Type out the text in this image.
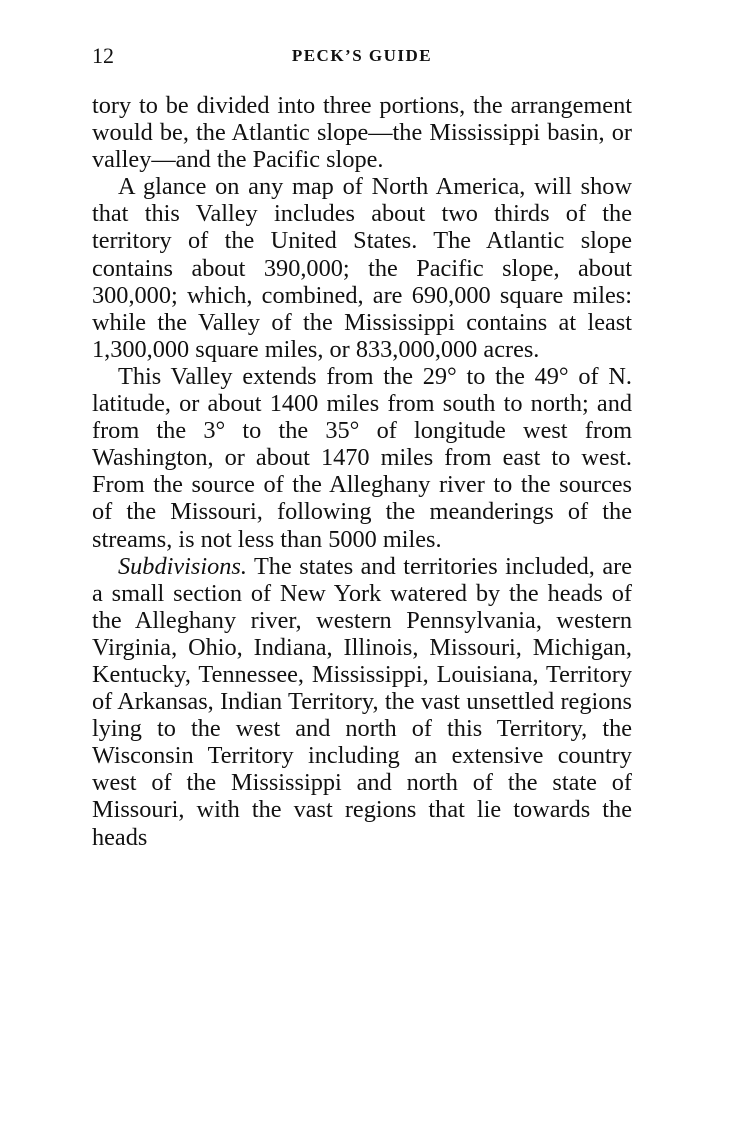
12	PECK’S GUIDE

tory to be divided into three portions, the arrangement would be, the Atlantic slope—the Mississippi basin, or valley—and the Pacific slope.

A glance on any map of North America, will show that this Valley includes about two thirds of the territory of the United States. The Atlantic slope contains about 390,000; the Pacific slope, about 300,000; which, combined, are 690,000 square miles: while the Valley of the Mississippi contains at least 1,300,000 square miles, or 833,000,000 acres.

This Valley extends from the 29° to the 49° of N. latitude, or about 1400 miles from south to north; and from the 3° to the 35° of longitude west from Washington, or about 1470 miles from east to west. From the source of the Alleghany river to the sources of the Missouri, following the meanderings of the streams, is not less than 5000 miles.

Subdivisions. The states and territories included, are a small section of New York watered by the heads of the Alleghany river, western Pennsylvania, western Virginia, Ohio, Indiana, Illinois, Missouri, Michigan, Kentucky, Tennessee, Mississippi, Louisiana, Territory of Arkansas, Indian Territory, the vast unsettled regions lying to the west and north of this Territory, the Wisconsin Territory including an extensive country west of the Mississippi and north of the state of Missouri, with the vast regions that lie towards the heads
